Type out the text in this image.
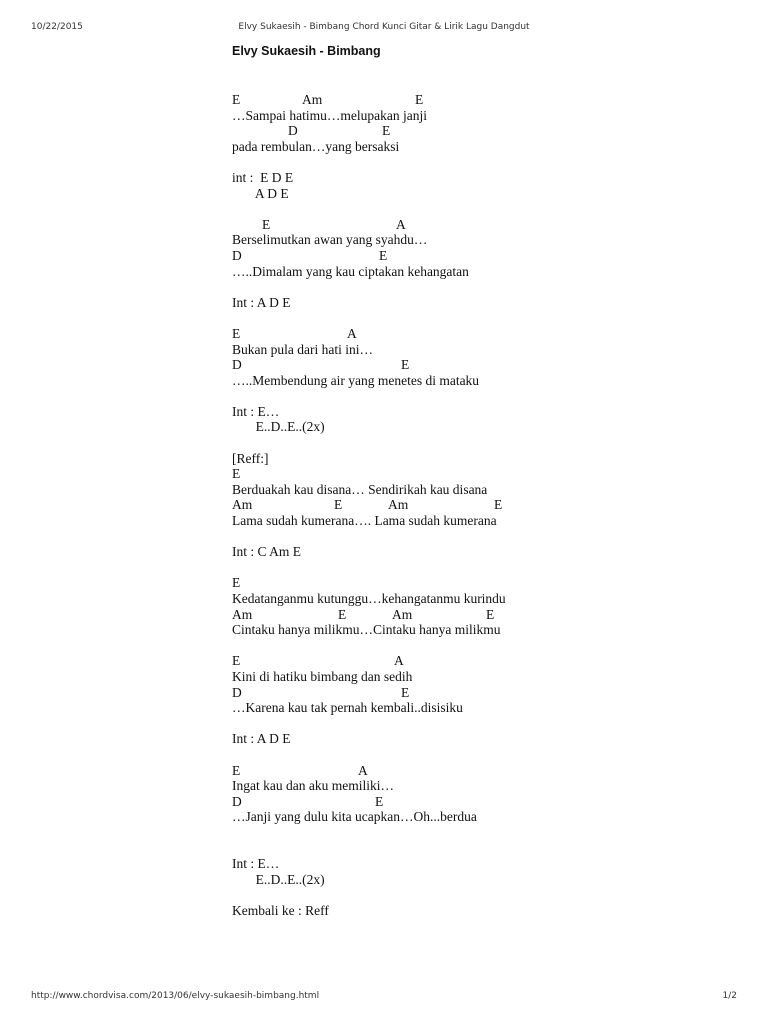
10/22/2015	Elvy Sukaesih - Bimbang Chord Kunci Gitar & Lirik Lagu Dangdut
Elvy Sukaesih - Bimbang
E	Am	E
…Sampai hatimu…melupakan janji
D	E
pada rembulan…yang bersaksi
int :  E D E
A D E
E	A
Berselimutkan awan yang syahdu…
D	E
…..Dimalam yang kau ciptakan kehangatan
Int : A D E
E	A
Bukan pula dari hati ini…
D	E
…..Membendung air yang menetes di mataku
Int : E…
E..D..E..(2x)
[Reff:]
E
Berduakah kau disana… Sendirikah kau disana
Am	E	Am	E
Lama sudah kumerana…. Lama sudah kumerana
Int : C Am E
E
Kedatanganmu kutunggu…kehangatanmu kurindu
Am	E	Am	E
Cintaku hanya milikmu…Cintaku hanya milikmu
E	A
Kini di hatiku bimbang dan sedih
D	E
…Karena kau tak pernah kembali..disisiku
Int : A D E
E	A
Ingat kau dan aku memiliki…
D	E
…Janji yang dulu kita ucapkan…Oh...berdua
Int : E…
E..D..E..(2x)
Kembali ke : Reff
http://www.chordvisa.com/2013/06/elvy-sukaesih-bimbang.html	1/2
